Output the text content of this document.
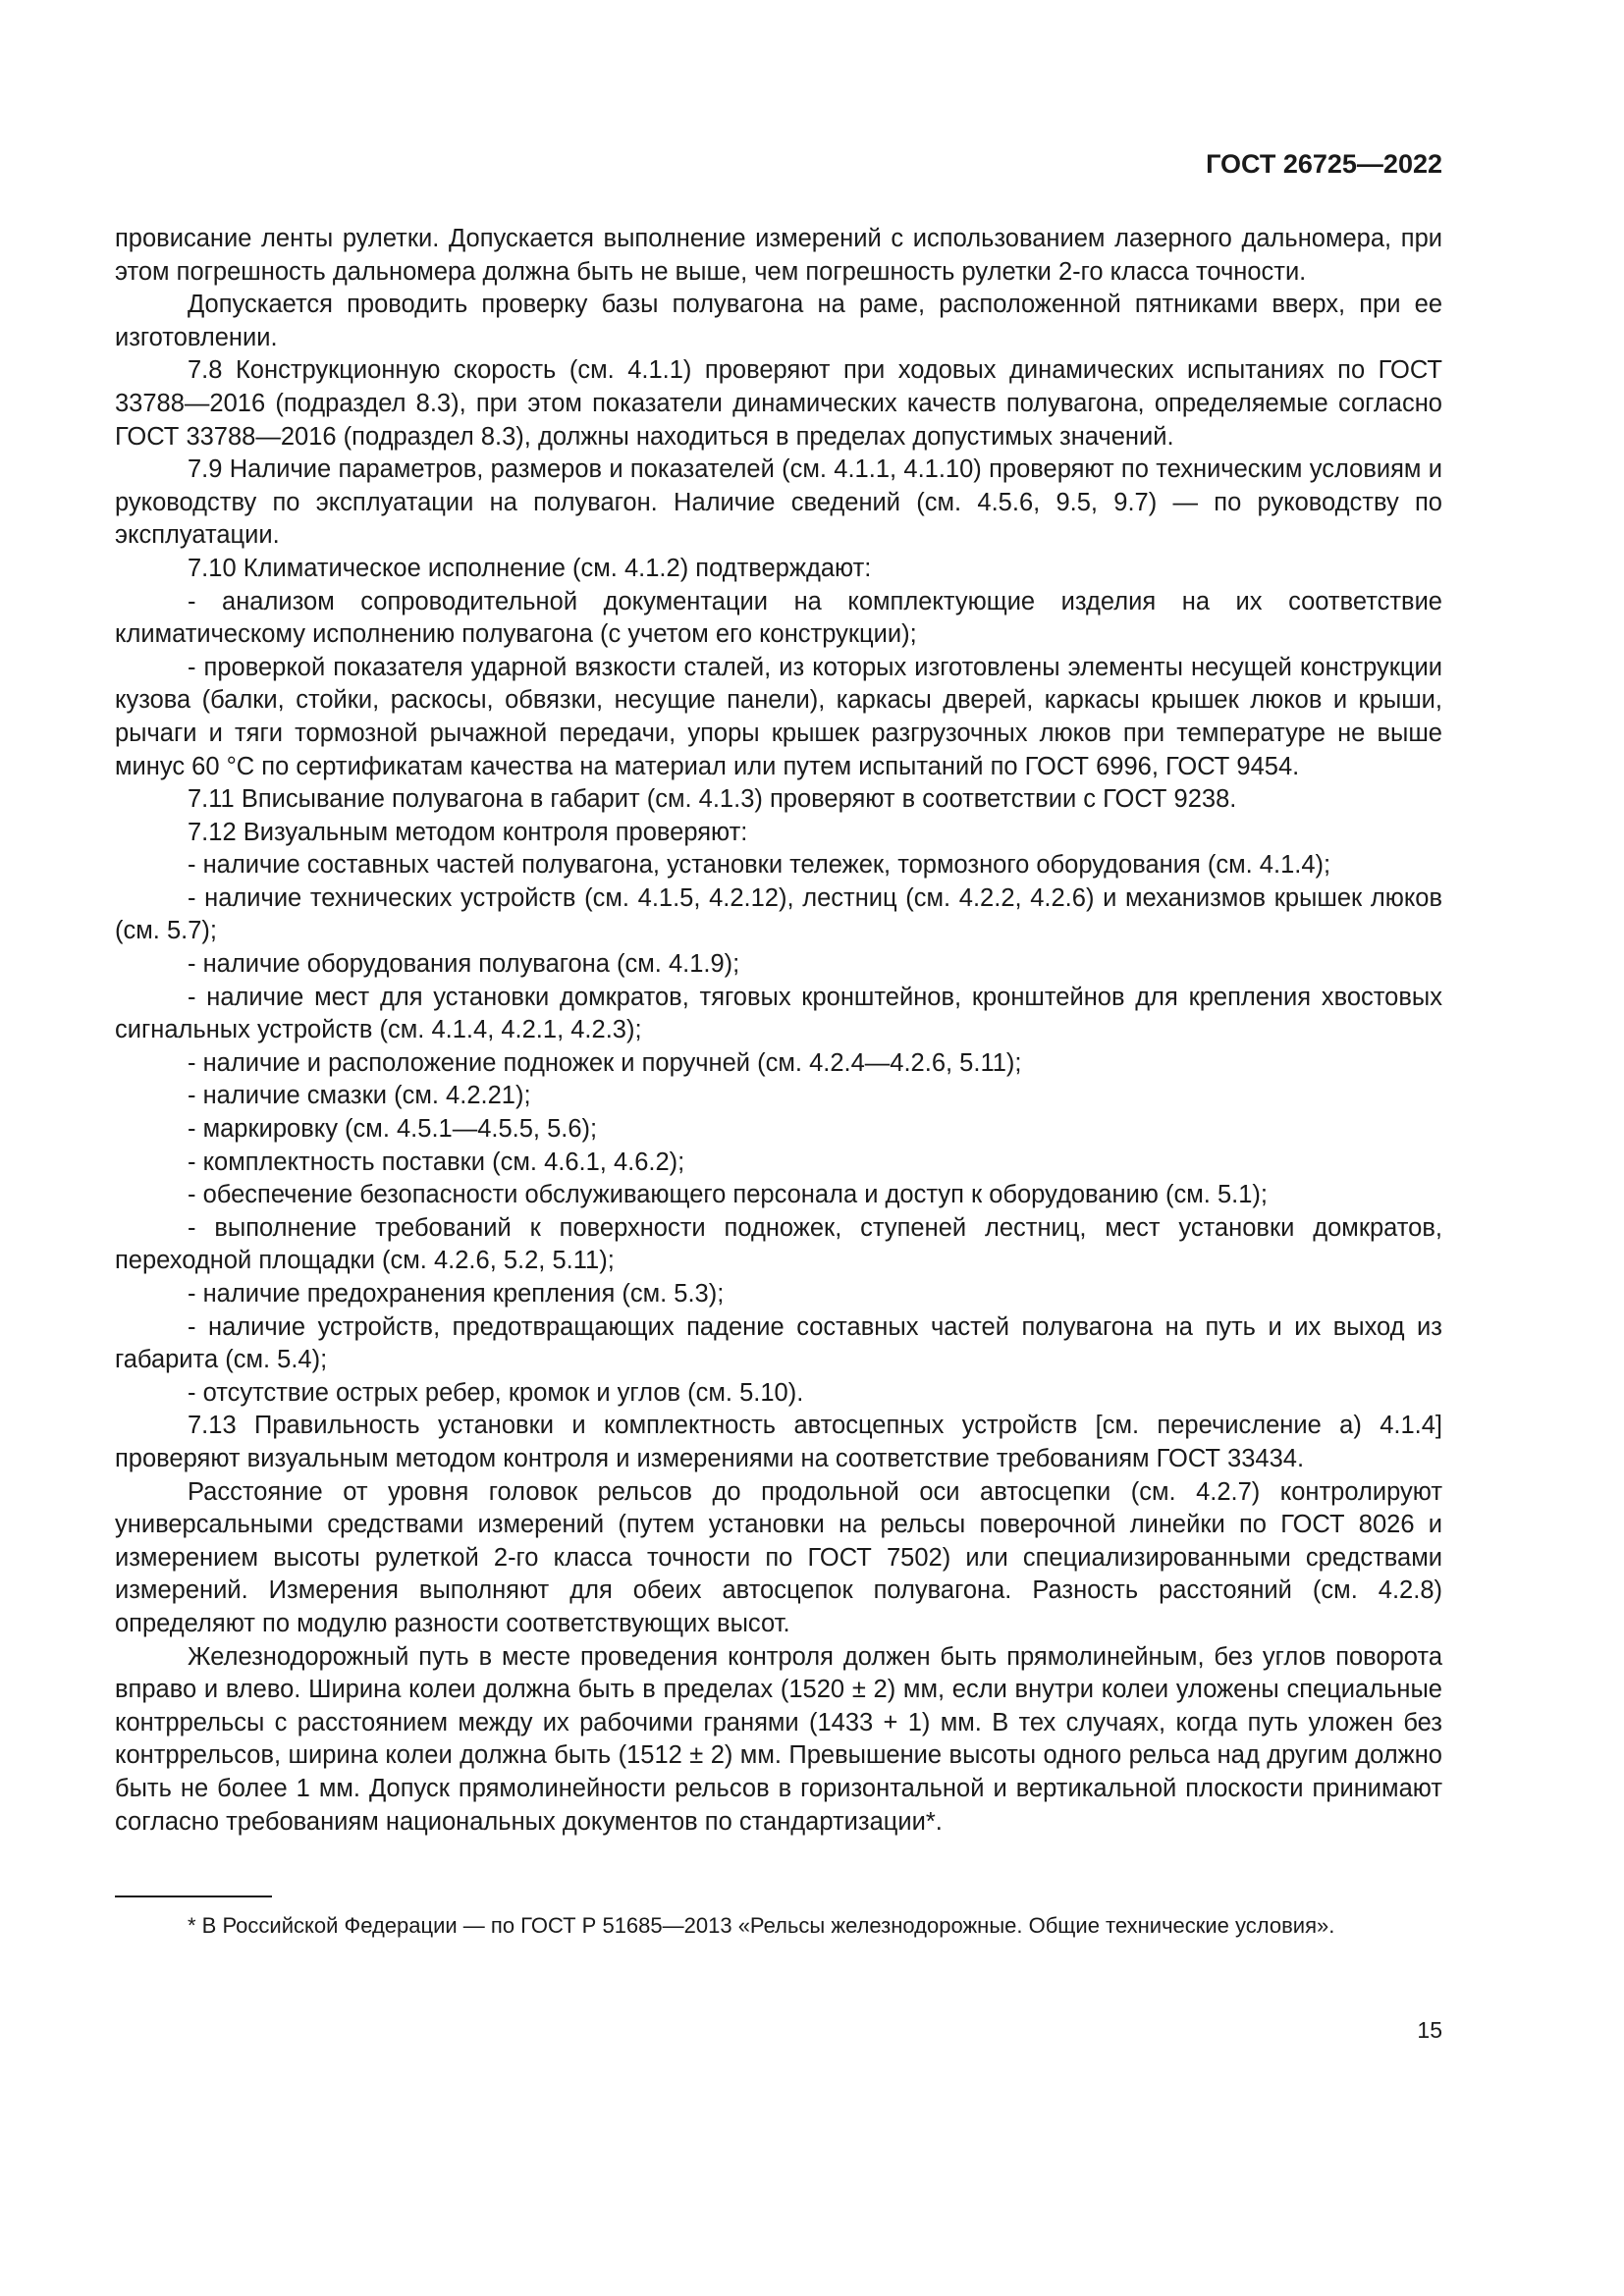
ГОСТ 26725—2022

провисание ленты рулетки. Допускается выполнение измерений с использованием лазерного дальномера, при этом погрешность дальномера должна быть не выше, чем погрешность рулетки 2-го класса точности.

Допускается проводить проверку базы полувагона на раме, расположенной пятниками вверх, при ее изготовлении.

7.8 Конструкционную скорость (см. 4.1.1) проверяют при ходовых динамических испытаниях по ГОСТ 33788—2016 (подраздел 8.3), при этом показатели динамических качеств полувагона, определяемые согласно ГОСТ 33788—2016 (подраздел 8.3), должны находиться в пределах допустимых значений.

7.9 Наличие параметров, размеров и показателей (см. 4.1.1, 4.1.10) проверяют по техническим условиям и руководству по эксплуатации на полувагон. Наличие сведений (см. 4.5.6, 9.5, 9.7) — по руководству по эксплуатации.

7.10 Климатическое исполнение (см. 4.1.2) подтверждают:

- анализом сопроводительной документации на комплектующие изделия на их соответствие климатическому исполнению полувагона (с учетом его конструкции);

- проверкой показателя ударной вязкости сталей, из которых изготовлены элементы несущей конструкции кузова (балки, стойки, раскосы, обвязки, несущие панели), каркасы дверей, каркасы крышек люков и крыши, рычаги и тяги тормозной рычажной передачи, упоры крышек разгрузочных люков при температуре не выше минус 60 °C по сертификатам качества на материал или путем испытаний по ГОСТ 6996, ГОСТ 9454.

7.11 Вписывание полувагона в габарит (см. 4.1.3) проверяют в соответствии с ГОСТ 9238.

7.12 Визуальным методом контроля проверяют:

- наличие составных частей полувагона, установки тележек, тормозного оборудования (см. 4.1.4);

- наличие технических устройств (см. 4.1.5, 4.2.12), лестниц (см. 4.2.2, 4.2.6) и механизмов крышек люков (см. 5.7);

- наличие оборудования полувагона (см. 4.1.9);

- наличие мест для установки домкратов, тяговых кронштейнов, кронштейнов для крепления хвостовых сигнальных устройств (см. 4.1.4, 4.2.1, 4.2.3);

- наличие и расположение подножек и поручней (см. 4.2.4—4.2.6, 5.11);

- наличие смазки (см. 4.2.21);

- маркировку (см. 4.5.1—4.5.5, 5.6);

- комплектность поставки (см. 4.6.1, 4.6.2);

- обеспечение безопасности обслуживающего персонала и доступ к оборудованию (см. 5.1);

- выполнение требований к поверхности подножек, ступеней лестниц, мест установки домкратов, переходной площадки (см. 4.2.6, 5.2, 5.11);

- наличие предохранения крепления (см. 5.3);

- наличие устройств, предотвращающих падение составных частей полувагона на путь и их выход из габарита (см. 5.4);

- отсутствие острых ребер, кромок и углов (см. 5.10).

7.13 Правильность установки и комплектность автосцепных устройств [см. перечисление а) 4.1.4] проверяют визуальным методом контроля и измерениями на соответствие требованиям ГОСТ 33434.

Расстояние от уровня головок рельсов до продольной оси автосцепки (см. 4.2.7) контролируют универсальными средствами измерений (путем установки на рельсы поверочной линейки по ГОСТ 8026 и измерением высоты рулеткой 2-го класса точности по ГОСТ 7502) или специализированными средствами измерений. Измерения выполняют для обеих автосцепок полувагона. Разность расстояний (см. 4.2.8) определяют по модулю разности соответствующих высот.

Железнодорожный путь в месте проведения контроля должен быть прямолинейным, без углов поворота вправо и влево. Ширина колеи должна быть в пределах (1520 ± 2) мм, если внутри колеи уложены специальные контррельсы с расстоянием между их рабочими гранями (1433 + 1) мм. В тех случаях, когда путь уложен без контррельсов, ширина колеи должна быть (1512 ± 2) мм. Превышение высоты одного рельса над другим должно быть не более 1 мм. Допуск прямолинейности рельсов в горизонтальной и вертикальной плоскости принимают согласно требованиям национальных документов по стандартизации*.

* В Российской Федерации — по ГОСТ Р 51685—2013 «Рельсы железнодорожные. Общие технические условия».

15
